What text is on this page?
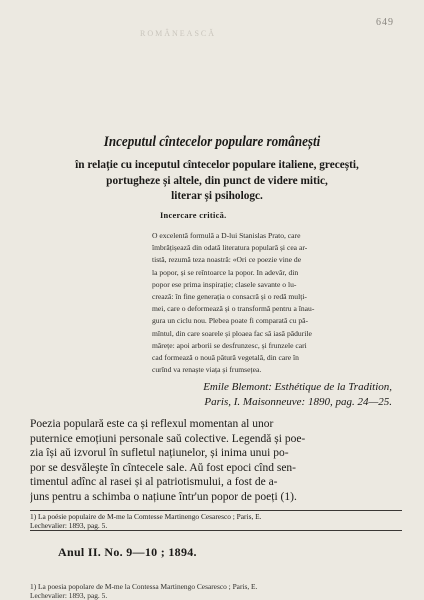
649
ROMÂNEASCĂ
Inceputul cîntecelor populare românești
în relație cu inceputul cîntecelor populare italiene, grecești,
portugheze și altele, din punct de videre mitic,
literar și psihologc.
Incercare critică.
O excelentă formulă a D-lui Stanislas Prato, care
îmbrățișează din odată literatura populară și cea ar-
tistă, rezumă teza noastră: «Ori ce poezie vine de
la popor, și se reîntoarce la popor. In adevăr, din
popor ese prima inspirație; clasele savante o lu-
crează: în fine generația o consacră și o redă mulți-
mei, care o deformează și o transformă pentru a înau-
gura un ciclu nou. Plebea poate fi comparată cu pă-
mîntul, din care soarele și ploaea fac să iasă pădurile
mărețe: apoi arborii se desfrunzesc, și frunzele cari
cad formează o nouă pătură vegetală, din care în
curînd va renaște viața și frumsețea.
Emile Blemont: Esthétique de la Tradition,
Paris, I. Maisonneuve: 1890, pag. 24—25.
Poezia populară este ca și reflexul momentan al unor
puternice emoțiuni personale saŭ colective. Legendă și poe-
zia își aŭ izvorul în sufletul națiunelor, și inima unui po-
por se desvăleşte în cîntecele sale. Aŭ fost epoci cînd sen-
timentul adînc al rasei și al patriotismului, a fost de a-
juns pentru a schimba o națiune într'un popor de poeți (1).
1) La poésie populaire de M-me la Comtesse Martinengo Cesaresco ; Paris, E.
Lechevalier: 1893, pag. 5.
Anul II. No. 9—10 ; 1894.
1) La poesia popolare de M-me la Contessa Martinengo Cesaresco ; Paris, E.
Lechevalier: 1893, pag. 5.
